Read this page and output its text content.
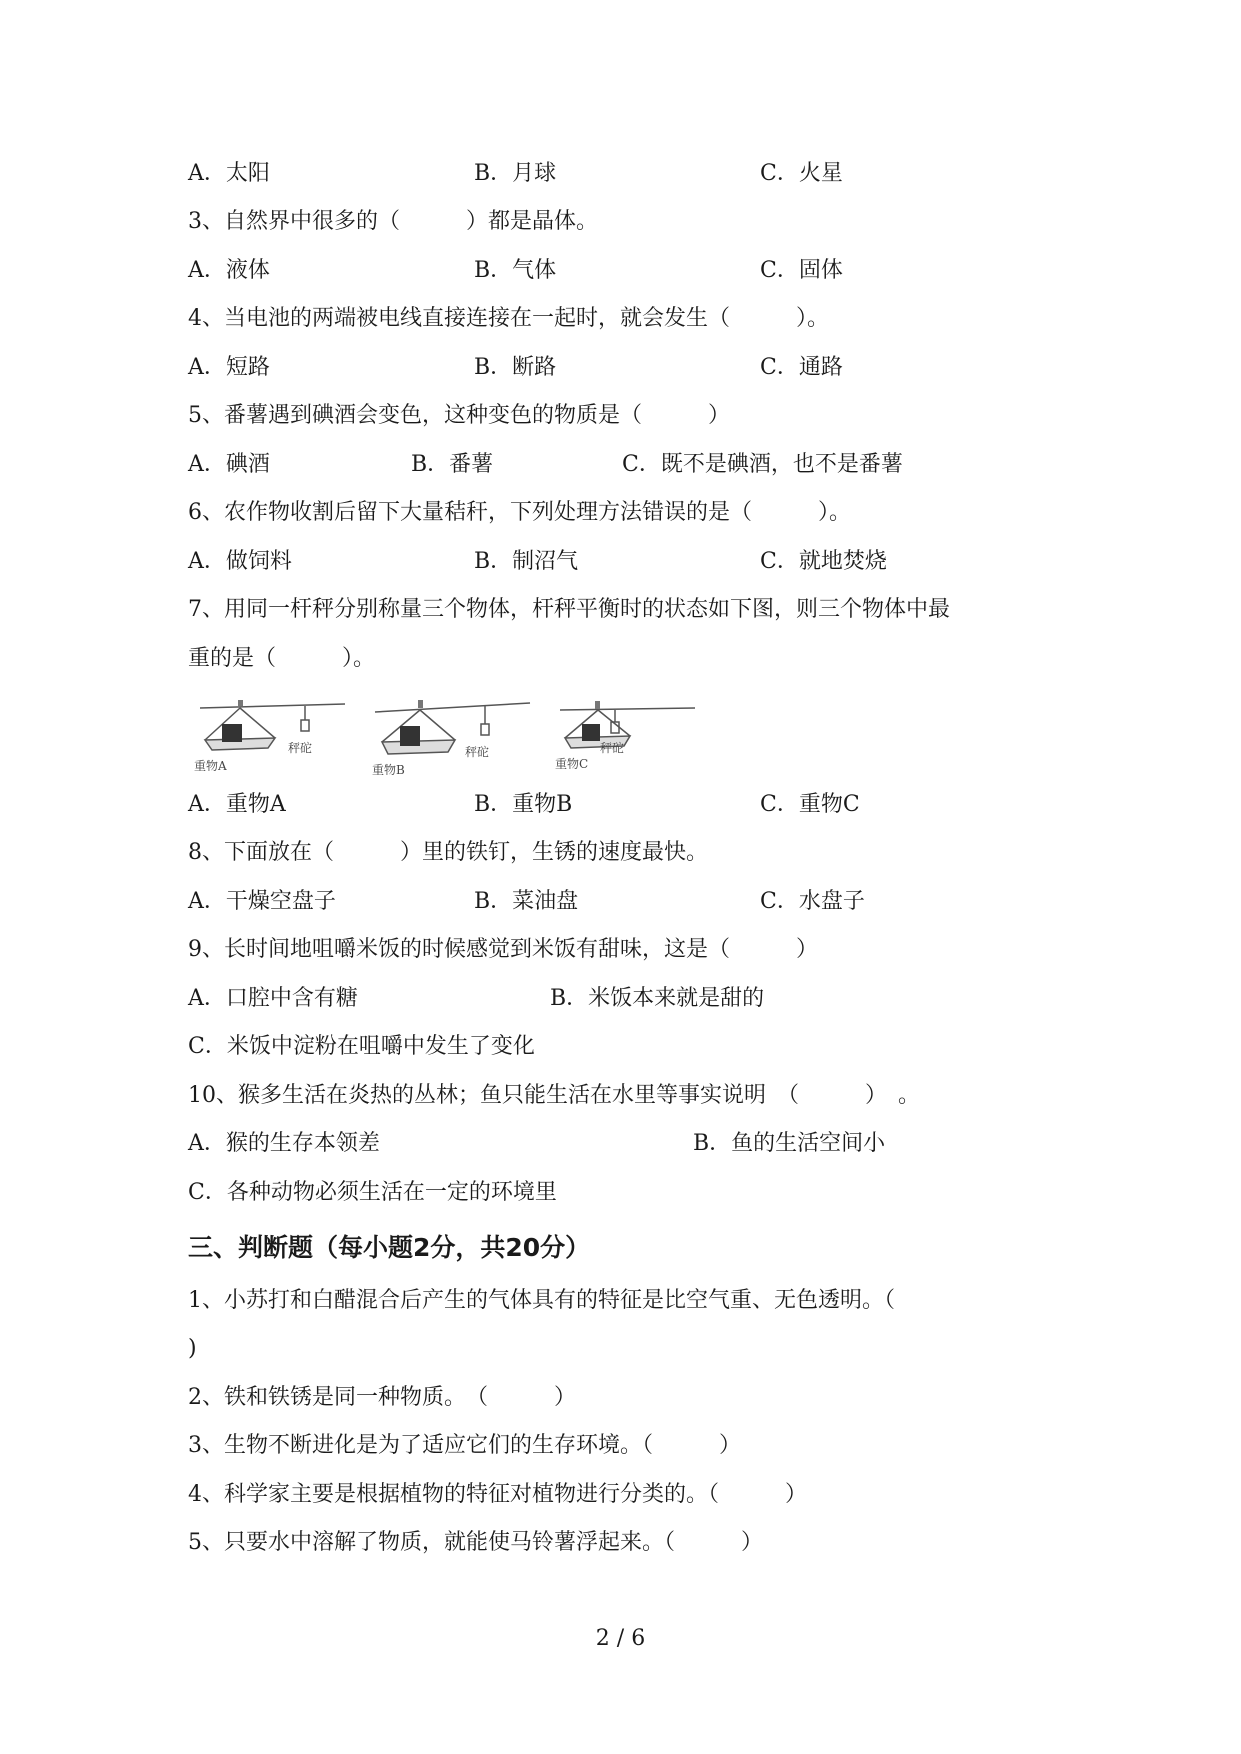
A．太阳	B．月球	C．火星
3、自然界中很多的（　　　）都是晶体。
A．液体	B．气体	C．固体
4、当电池的两端被电线直接连接在一起时，就会发生（　　　）。
A．短路	B．断路	C．通路
5、番薯遇到碘酒会变色，这种变色的物质是（　　　）
A．碘酒	B．番薯	C．既不是碘酒，也不是番薯
6、农作物收割后留下大量秸秆，下列处理方法错误的是（　　　）。
A．做饲料	B．制沼气	C．就地焚烧
7、用同一杆秤分别称量三个物体，杆秤平衡时的状态如下图，则三个物体中最
重的是（　　　）。
重物A
秤砣
重物B
秤砣
重物C
秤砣
A．重物A	B．重物B	C．重物C
8、下面放在（　　　）里的铁钉，生锈的速度最快。
A．干燥空盘子	B．菜油盘	C．水盘子
9、长时间地咀嚼米饭的时候感觉到米饭有甜味，这是（　　　）
A．口腔中含有糖	B．米饭本来就是甜的
C．米饭中淀粉在咀嚼中发生了变化
10、猴多生活在炎热的丛林；鱼只能生活在水里等事实说明　（　　　）　。
A．猴的生存本领差	B．鱼的生活空间小
C．各种动物必须生活在一定的环境里
三、判断题（每小题2分，共20分）
1、小苏打和白醋混合后产生的气体具有的特征是比空气重、无色透明。（
)
2、铁和铁锈是同一种物质。　（　　　）
3、生物不断进化是为了适应它们的生存环境。（　　　）
4、科学家主要是根据植物的特征对植物进行分类的。（　　　）
5、只要水中溶解了物质，就能使马铃薯浮起来。（　　　）
2 / 6
